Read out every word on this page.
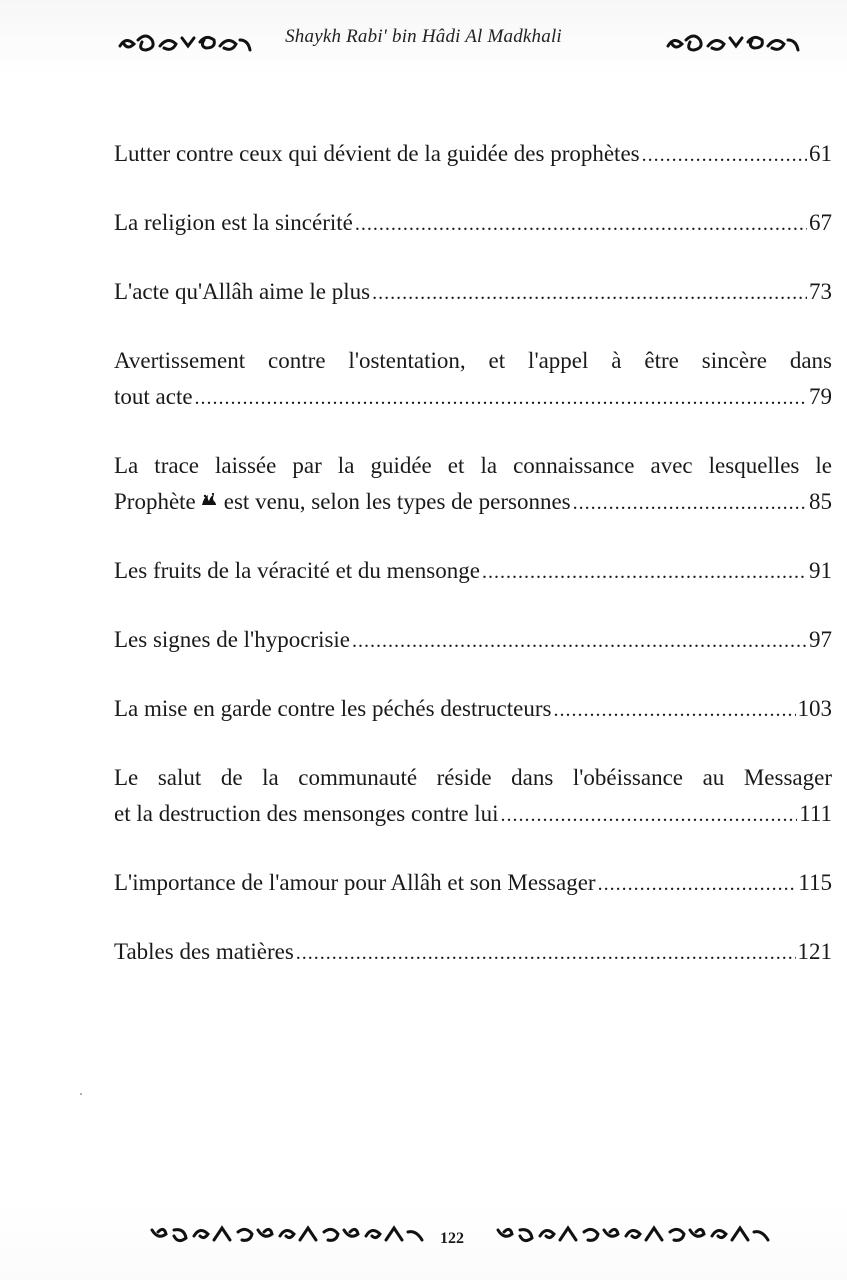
Shaykh Rabi' bin Hâdi Al Madkhali
Lutter contre ceux qui dévient de la guidée des prophètes .....	61
La religion est la sincérité .....	67
L'acte qu'Allâh aime le plus .....	73
Avertissement contre l'ostentation, et l'appel à être sincère dans
tout acte .....	79
La trace laissée par la guidée et la connaissance avec lesquelles le
Prophète est venu, selon les types de personnes .....	85
Les fruits de la véracité et du mensonge .....	91
Les signes de l'hypocrisie .....	97
La mise en garde contre les péchés destructeurs .....	103
Le salut de la communauté réside dans l'obéissance au Messager
et la destruction des mensonges contre lui .....	111
L'importance de l'amour pour Allâh et son Messager .....	115
Tables des matières .....	121
122
